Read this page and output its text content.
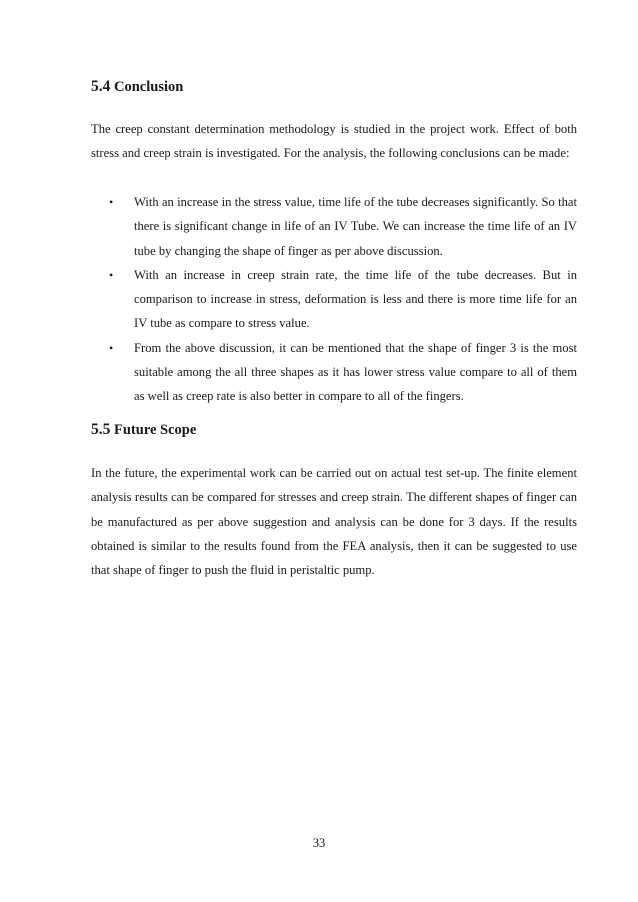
5.4 Conclusion

The creep constant determination methodology is studied in the project work. Effect of both stress and creep strain is investigated. For the analysis, the following conclusions can be made:

• With an increase in the stress value, time life of the tube decreases significantly. So that there is significant change in life of an IV Tube. We can increase the time life of an IV tube by changing the shape of finger as per above discussion.
• With an increase in creep strain rate, the time life of the tube decreases. But in comparison to increase in stress, deformation is less and there is more time life for an IV tube as compare to stress value.
• From the above discussion, it can be mentioned that the shape of finger 3 is the most suitable among the all three shapes as it has lower stress value compare to all of them as well as creep rate is also better in compare to all of the fingers.
5.5 Future Scope

In the future, the experimental work can be carried out on actual test set-up. The finite element analysis results can be compared for stresses and creep strain. The different shapes of finger can be manufactured as per above suggestion and analysis can be done for 3 days. If the results obtained is similar to the results found from the FEA analysis, then it can be suggested to use that shape of finger to push the fluid in peristaltic pump.

33
